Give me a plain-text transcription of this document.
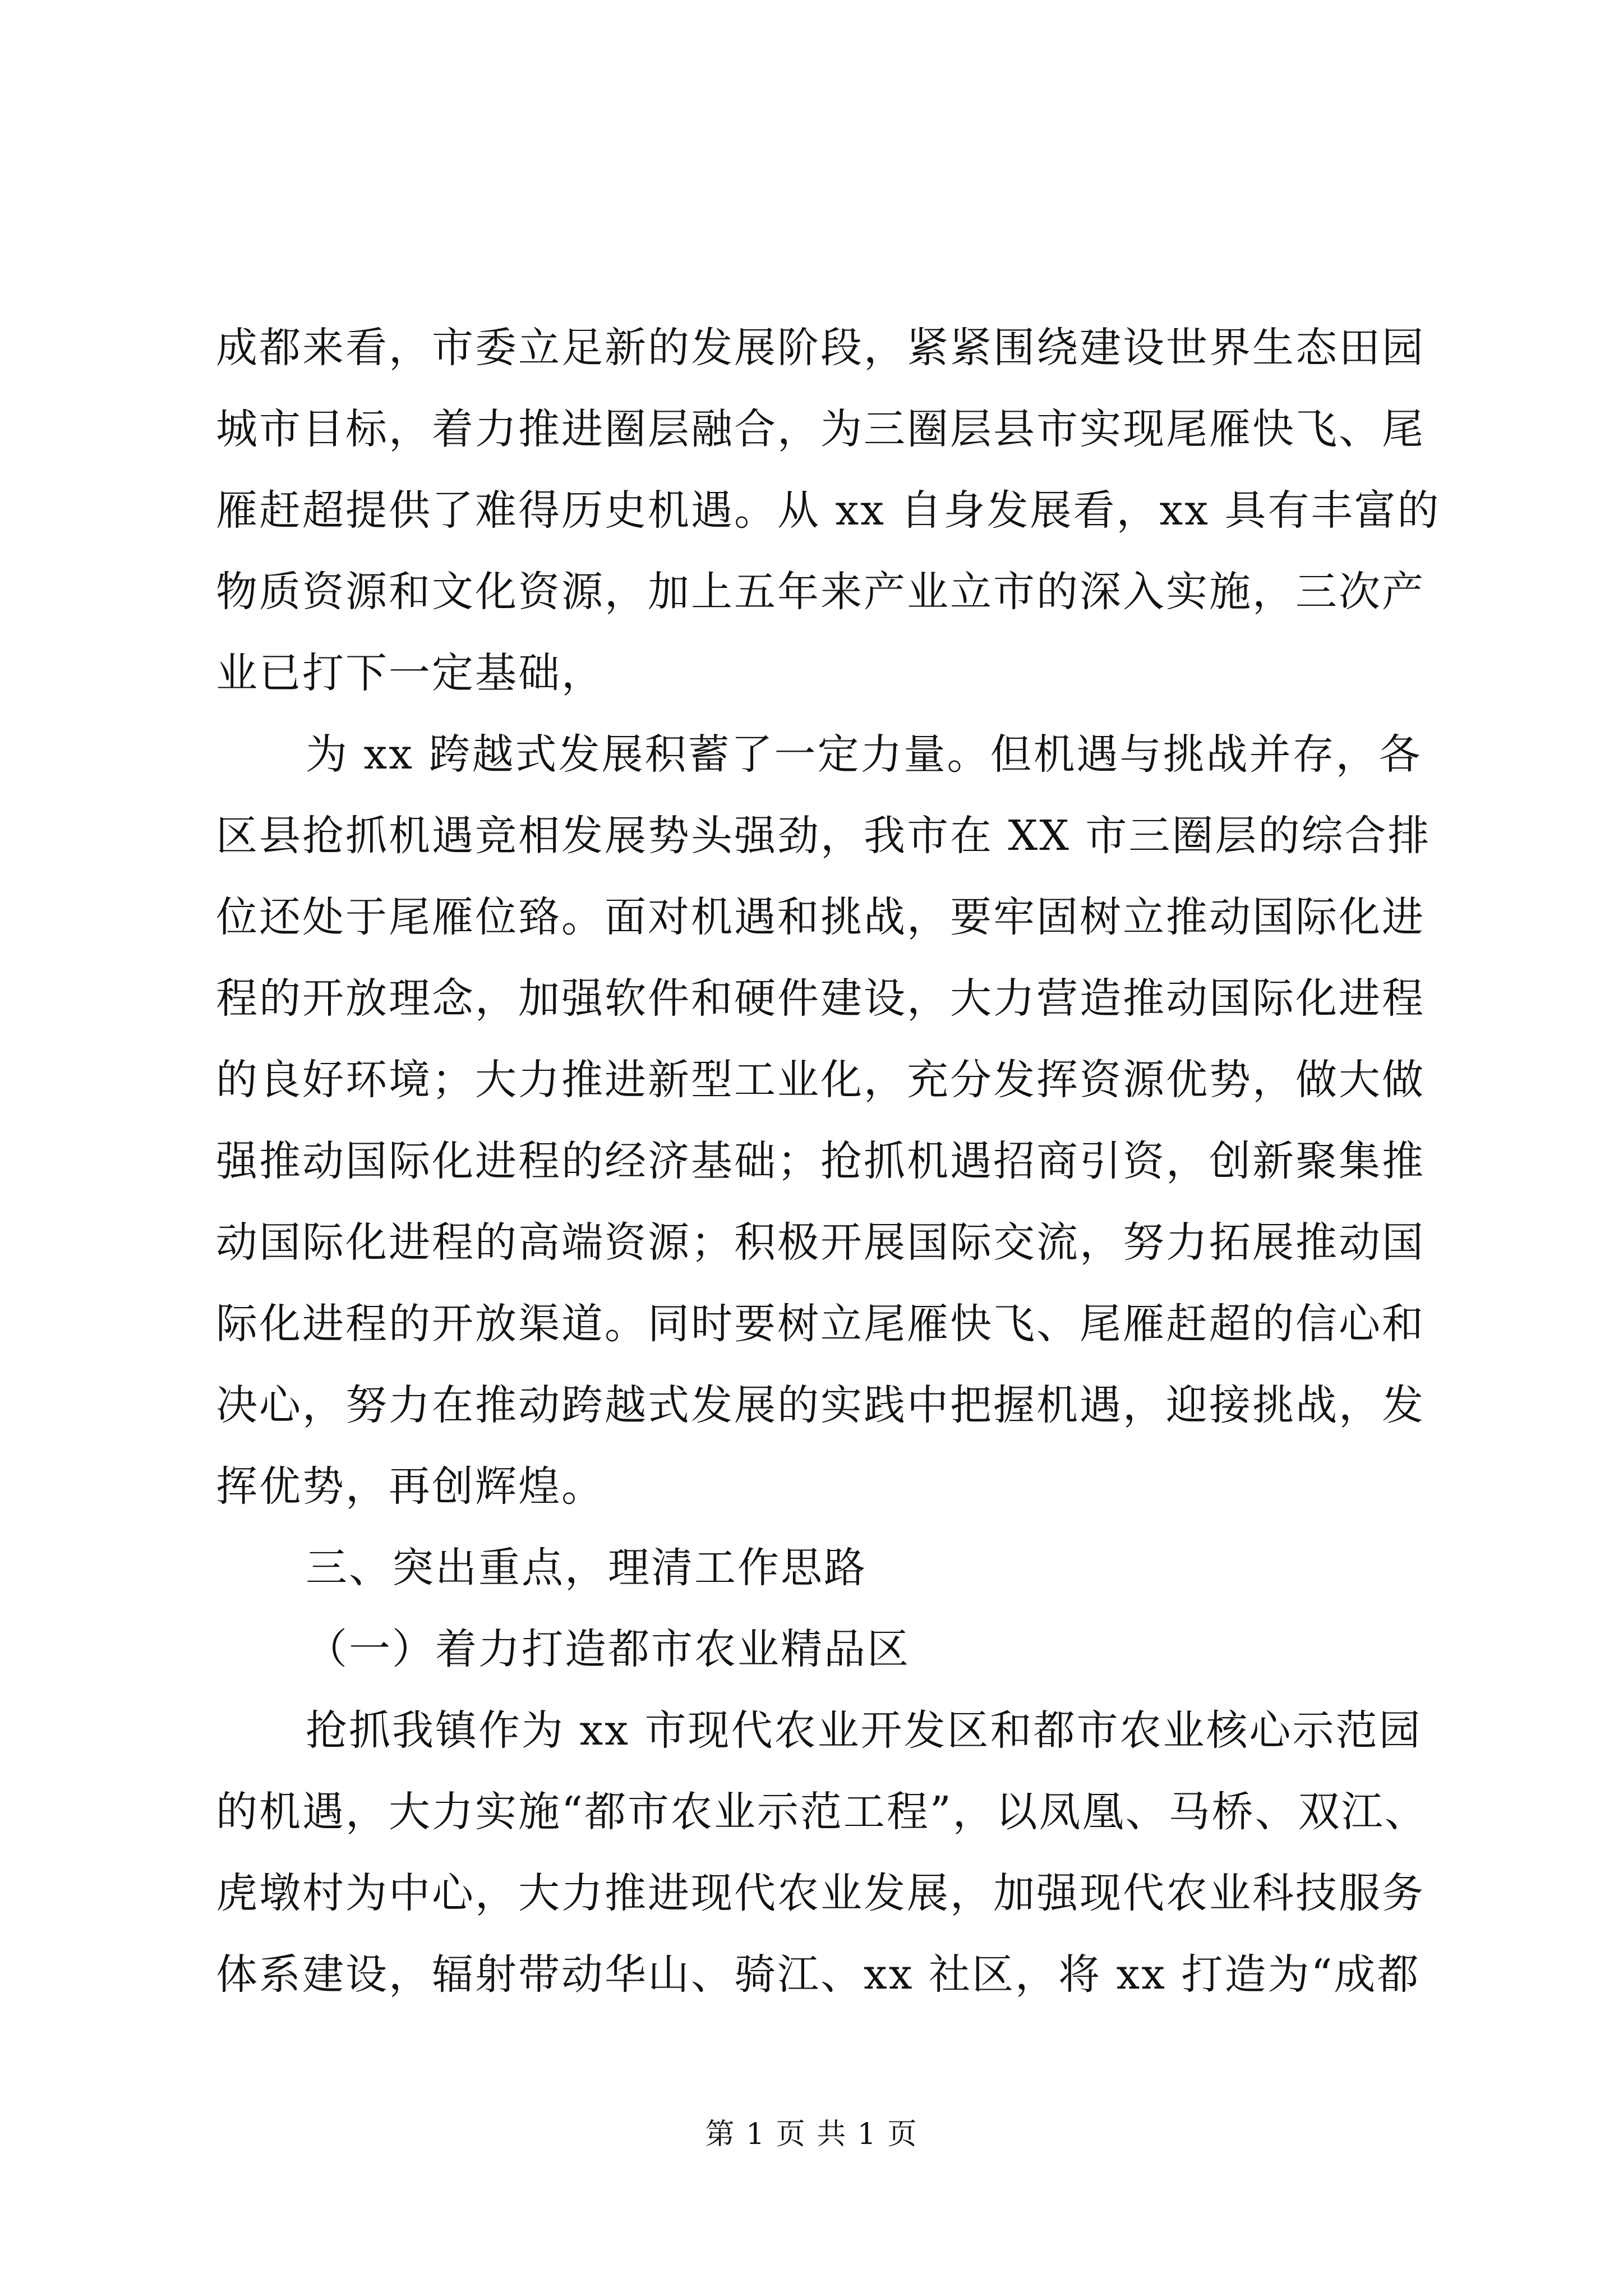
成都来看，市委立足新的发展阶段，紧紧围绕建设世界生态田园
城市目标，着力推进圈层融合，为三圈层县市实现尾雁快飞、尾
雁赶超提供了难得历史机遇。从 xx 自身发展看，xx 具有丰富的
物质资源和文化资源，加上五年来产业立市的深入实施，三次产
业已打下一定基础，
为 xx 跨越式发展积蓄了一定力量。但机遇与挑战并存，各
区县抢抓机遇竞相发展势头强劲，我市在 XX 市三圈层的综合排
位还处于尾雁位臵。面对机遇和挑战，要牢固树立推动国际化进
程的开放理念，加强软件和硬件建设，大力营造推动国际化进程
的良好环境；大力推进新型工业化，充分发挥资源优势，做大做
强推动国际化进程的经济基础；抢抓机遇招商引资，创新聚集推
动国际化进程的高端资源；积极开展国际交流，努力拓展推动国
际化进程的开放渠道。同时要树立尾雁快飞、尾雁赶超的信心和
决心，努力在推动跨越式发展的实践中把握机遇，迎接挑战，发
挥优势，再创辉煌。
三、突出重点，理清工作思路
（一）着力打造都市农业精品区
抢抓我镇作为 xx 市现代农业开发区和都市农业核心示范园
的机遇，大力实施“都市农业示范工程”，以凤凰、马桥、双江、
虎墩村为中心，大力推进现代农业发展，加强现代农业科技服务
体系建设，辐射带动华山、骑江、xx 社区，将 xx 打造为“成都
第 1 页 共 1 页
